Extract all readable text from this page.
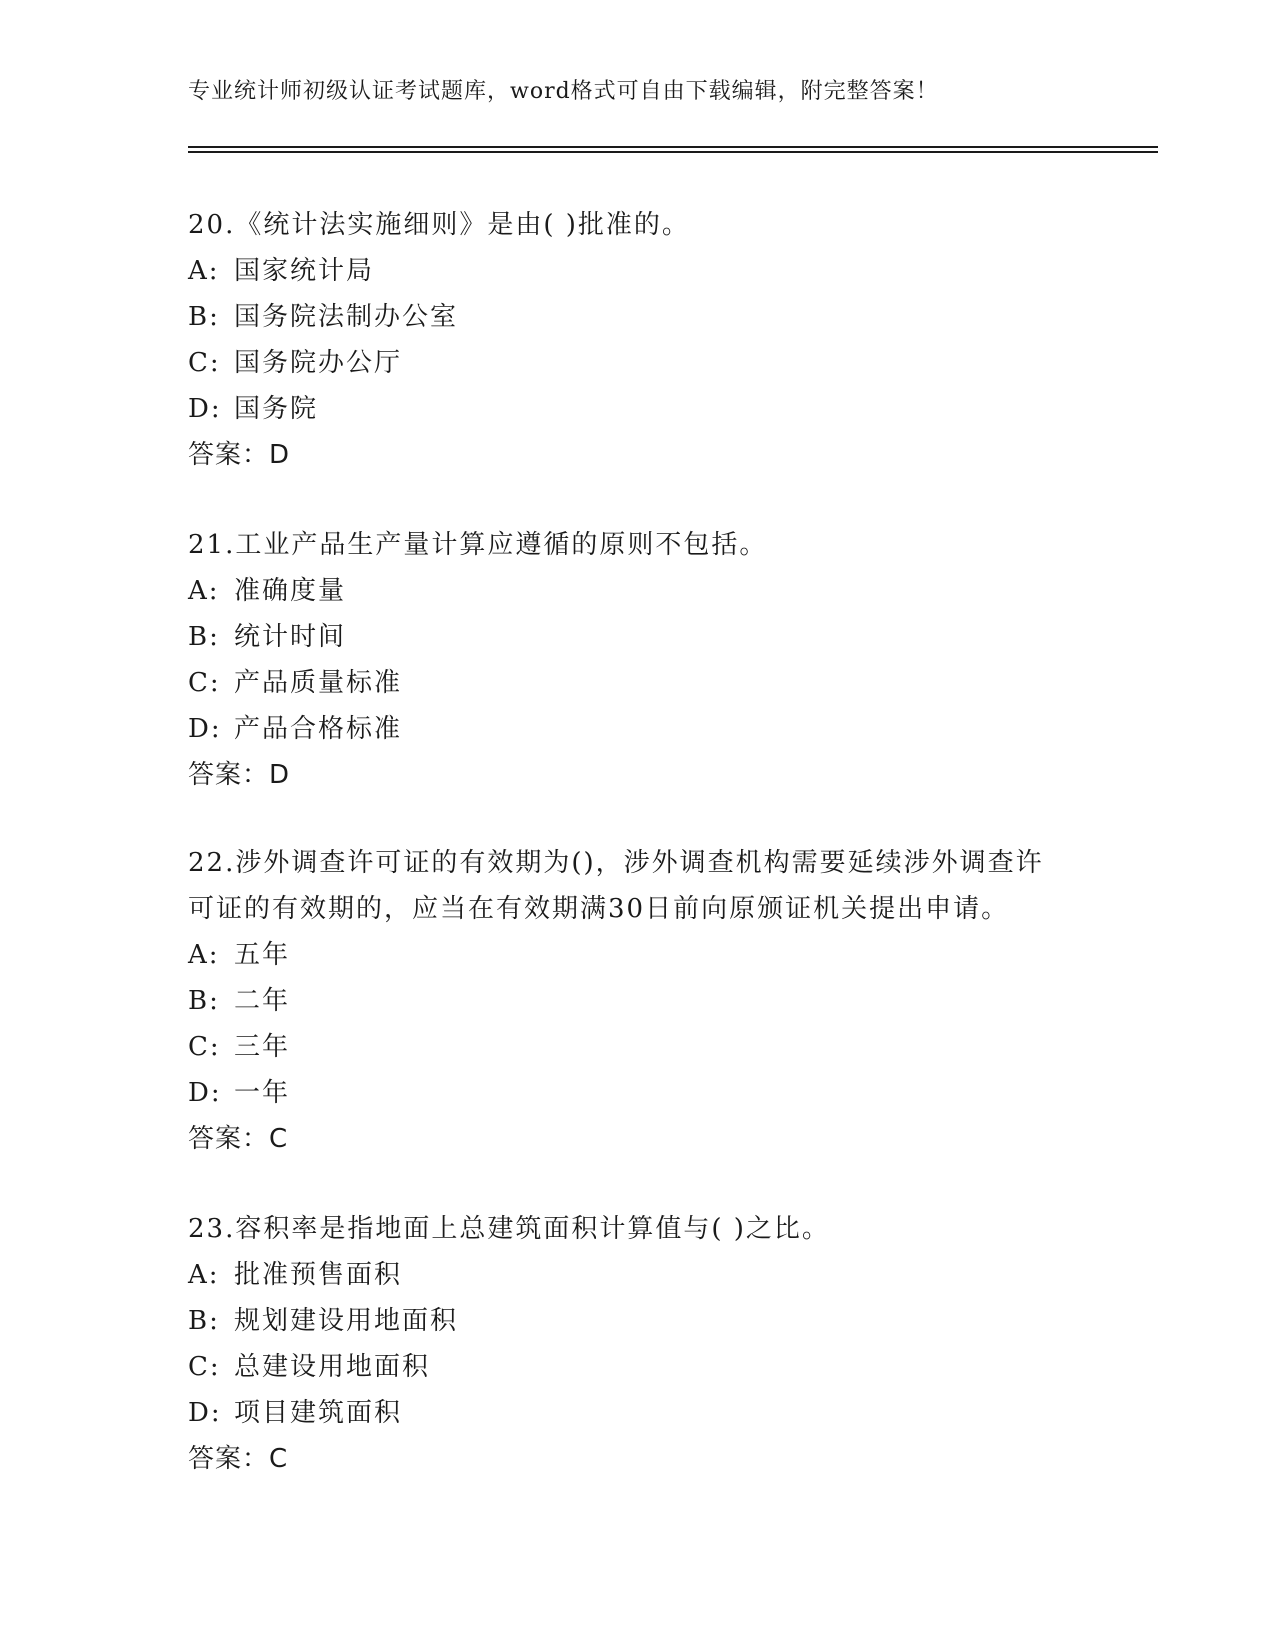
专业统计师初级认证考试题库，word格式可自由下载编辑，附完整答案！
20.《统计法实施细则》是由( )批准的。
A: 国家统计局
B: 国务院法制办公室
C: 国务院办公厅
D: 国务院
答案：D
21.工业产品生产量计算应遵循的原则不包括。
A: 准确度量
B: 统计时间
C: 产品质量标准
D: 产品合格标准
答案：D
22.涉外调查许可证的有效期为()，涉外调查机构需要延续涉外调查许
可证的有效期的，应当在有效期满30日前向原颁证机关提出申请。
A: 五年
B: 二年
C: 三年
D: 一年
答案：C
23.容积率是指地面上总建筑面积计算值与( )之比。
A: 批准预售面积
B: 规划建设用地面积
C: 总建设用地面积
D: 项目建筑面积
答案：C
